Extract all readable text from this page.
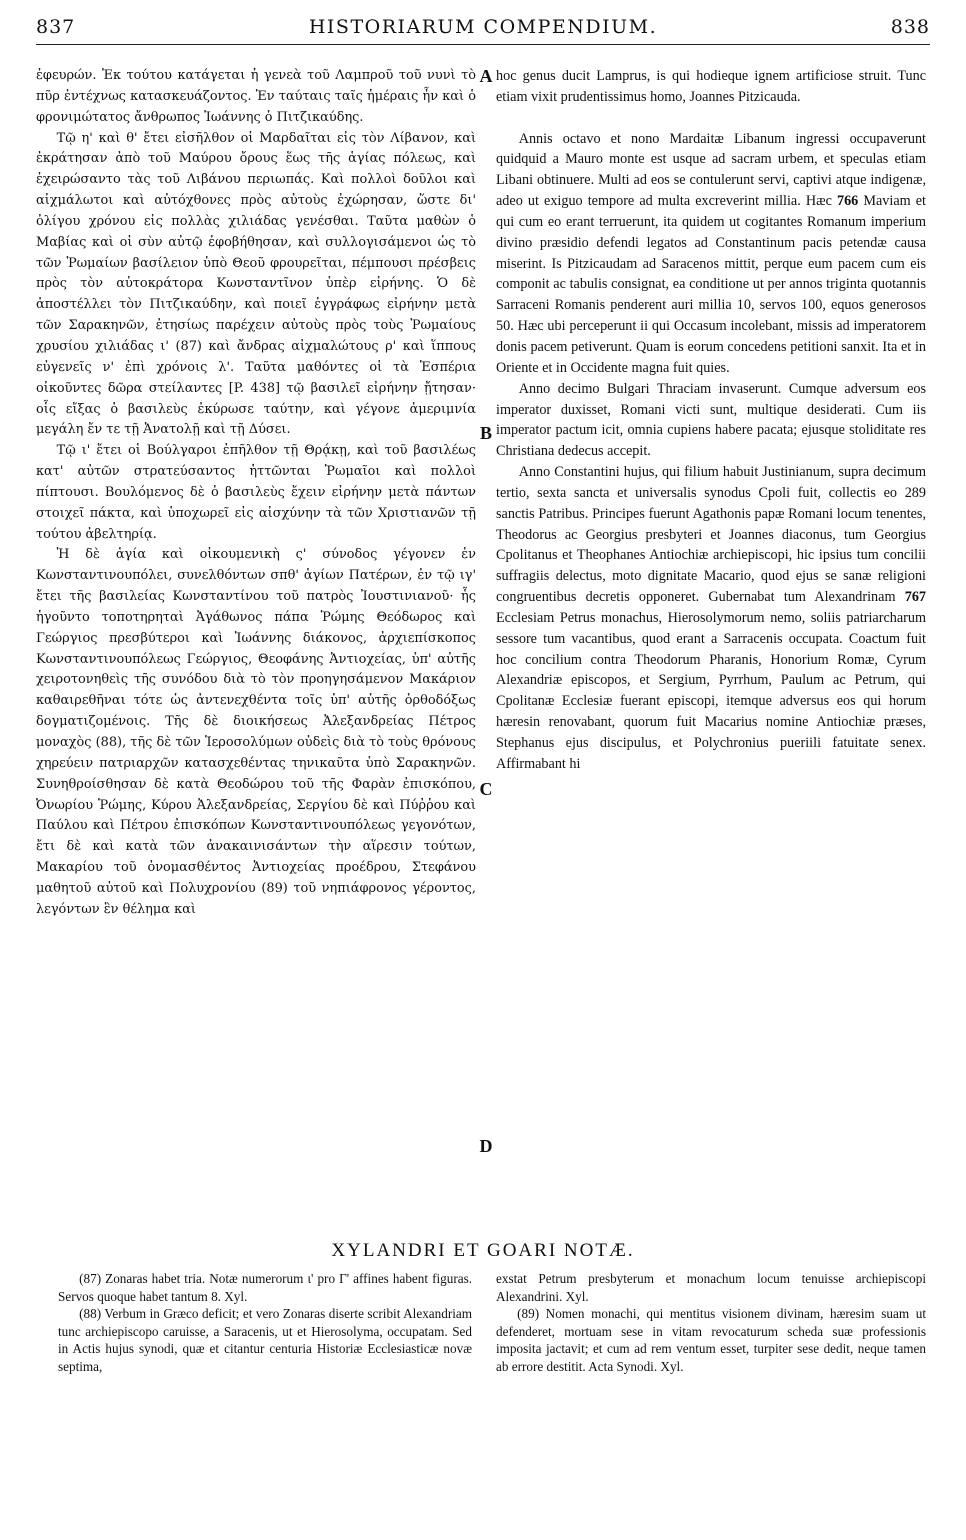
837	HISTORIARUM COMPENDIUM.	838
A
B
C
D

ἐφευρών. Ἐκ τούτου κατάγεται ἡ γενεὰ τοῦ Λαμπροῦ τοῦ νυνὶ τὸ πῦρ ἐντέχνως κατασκευάζοντος. Ἐν ταύταις ταῖς ἡμέραις ἦν καὶ ὁ φρονιμώτατος ἄνθρωπος Ἰωάννης ὁ Πιτζικαύδης.

Τῷ η' καὶ θ' ἔτει εἰσῆλθον οἱ Μαρδαῖται εἰς τὸν Λίβανον, καὶ ἐκράτησαν ἀπὸ τοῦ Μαύρου ὄρους ἕως τῆς ἁγίας πόλεως, καὶ ἐχειρώσαντο τὰς τοῦ Λιβάνου περιωπάς. Καὶ πολλοὶ δοῦλοι καὶ αἰχμάλωτοι καὶ αὐτόχθονες πρὸς αὐτοὺς ἐχώρησαν, ὥστε δι' ὀλίγου χρόνου εἰς πολλὰς χιλιάδας γενέσθαι. Ταῦτα μαθὼν ὁ Μαβίας καὶ οἱ σὺν αὐτῷ ἐφοβήθησαν, καὶ συλλογισάμενοι ὡς τὸ τῶν Ῥωμαίων βασίλειον ὑπὸ Θεοῦ φρουρεῖται, πέμπουσι πρέσβεις πρὸς τὸν αὐτοκράτορα Κωνσταντῖνον ὑπὲρ εἰρήνης. Ὁ δὲ ἀποστέλλει τὸν Πιτζικαύδην, καὶ ποιεῖ ἐγγράφως εἰρήνην μετὰ τῶν Σαρακηνῶν, ἐτησίως παρέχειν αὐτοὺς πρὸς τοὺς Ῥωμαίους χρυσίου χιλιάδας ι' (87) καὶ ἄνδρας αἰχμαλώτους ρ' καὶ ἵππους εὐγενεῖς ν' ἐπὶ χρόνοις λ'. Ταῦτα μαθόντες οἱ τὰ Ἑσπέρια οἰκοῦντες δῶρα στείλαντες [P. 438] τῷ βασιλεῖ εἰρήνην ᾔτησαν· οἷς εἴξας ὁ βασιλεὺς ἐκύρωσε ταύτην, καὶ γέγονε ἀμεριμνία μεγάλη ἔν τε τῇ Ἀνατολῇ καὶ τῇ Δύσει.

Τῷ ι' ἔτει οἱ Βούλγαροι ἐπῆλθον τῇ Θρᾴκῃ, καὶ τοῦ βασιλέως κατ' αὐτῶν στρατεύσαντος ἡττῶνται Ῥωμαῖοι καὶ πολλοὶ πίπτουσι. Βουλόμενος δὲ ὁ βασιλεὺς ἔχειν εἰρήνην μετὰ πάντων στοιχεῖ πάκτα, καὶ ὑποχωρεῖ εἰς αἰσχύνην τὰ τῶν Χριστιανῶν τῇ τούτου ἀβελτηρίᾳ.

Ἡ δὲ ἁγία καὶ οἰκουμενικὴ ς' σύνοδος γέγονεν ἐν Κωνσταντινουπόλει, συνελθόντων σπθ' ἁγίων Πατέρων, ἐν τῷ ιγ' ἔτει τῆς βασιλείας Κωνσταντίνου τοῦ πατρὸς Ἰουστινιανοῦ· ἧς ἡγοῦντο τοποτηρηταὶ Ἀγάθωνος πάπα Ῥώμης Θεόδωρος καὶ Γεώργιος πρεσβύτεροι καὶ Ἰωάννης διάκονος, ἀρχιεπίσκοπος Κωνσταντινουπόλεως Γεώργιος, Θεοφάνης Ἀντιοχείας, ὑπ' αὐτῆς χειροτονηθεὶς τῆς συνόδου διὰ τὸ τὸν προηγησάμενον Μακάριον καθαιρεθῆναι τότε ὡς ἀντενεχθέντα τοῖς ὑπ' αὐτῆς ὀρθοδόξως δογματιζομένοις. Τῆς δὲ διοικήσεως Ἀλεξανδρείας Πέτρος μοναχὸς (88), τῆς δὲ τῶν Ἱεροσολύμων οὐδεὶς διὰ τὸ τοὺς θρόνους χηρεύειν πατριαρχῶν κατασχεθέντας τηνικαῦτα ὑπὸ Σαρακηνῶν. Συνηθροίσθησαν δὲ κατὰ Θεοδώρου τοῦ τῆς Φαρὰν ἐπισκόπου, Ὀνωρίου Ῥώμης, Κύρου Ἀλεξανδρείας, Σεργίου δὲ καὶ Πύῤῥου καὶ Παύλου καὶ Πέτρου ἐπισκόπων Κωνσταντινουπόλεως γεγονότων, ἔτι δὲ καὶ κατὰ τῶν ἀνακαινισάντων τὴν αἵρεσιν τούτων, Μακαρίου τοῦ ὀνομασθέντος Ἀντιοχείας προέδρου, Στεφάνου μαθητοῦ αὐτοῦ καὶ Πολυχρονίου (89) τοῦ νηπιάφρονος γέροντος, λεγόντων ἓν θέλημα καὶ

hoc genus ducit Lamprus, is qui hodieque ignem artificiose struit. Tunc etiam vixit prudentissimus homo, Joannes Pitzicauda.

Annis octavo et nono Mardaitæ Libanum ingressi occupaverunt quidquid a Mauro monte est usque ad sacram urbem, et speculas etiam Libani obtinuere. Multi ad eos se contulerunt servi, captivi atque indigenæ, adeo ut exiguo tempore ad multa excreverint millia. Hæc 766 Maviam et qui cum eo erant terruerunt, ita quidem ut cogitantes Romanum imperium divino præsidio defendi legatos ad Constantinum pacis petendæ causa miserint. Is Pitzicaudam ad Saracenos mittit, perque eum pacem cum eis componit ac tabulis consignat, ea conditione ut per annos triginta quotannis Sarraceni Romanis penderent auri millia 10, servos 100, equos generosos 50. Hæc ubi perceperunt ii qui Occasum incolebant, missis ad imperatorem donis pacem petiverunt. Quam is eorum concedens petitioni sanxit. Ita et in Oriente et in Occidente magna fuit quies.

Anno decimo Bulgari Thraciam invaserunt. Cumque adversum eos imperator duxisset, Romani victi sunt, multique desiderati. Cum iis imperator pactum icit, omnia cupiens habere pacata; ejusque stoliditate res Christiana dedecus accepit.

Anno Constantini hujus, qui filium habuit Justinianum, supra decimum tertio, sexta sancta et universalis synodus Cpoli fuit, collectis eo 289 sanctis Patribus. Principes fuerunt Agathonis papæ Romani locum tenentes, Theodorus ac Georgius presbyteri et Joannes diaconus, tum Georgius Cpolitanus et Theophanes Antiochiæ archiepiscopi, hic ipsius tum concilii suffragiis delectus, moto dignitate Macario, quod ejus se sanæ religioni congruentibus decretis opponeret. Gubernabat tum Alexandrinam 767 Ecclesiam Petrus monachus, Hierosolymorum nemo, soliis patriarcharum sessore tum vacantibus, quod erant a Sarracenis occupata. Coactum fuit hoc concilium contra Theodorum Pharanis, Honorium Romæ, Cyrum Alexandriæ episcopos, et Sergium, Pyrrhum, Paulum ac Petrum, qui Cpolitanæ Ecclesiæ fuerant episcopi, itemque adversus eos qui horum hæresin renovabant, quorum fuit Macarius nomine Antiochiæ præses, Stephanus ejus discipulus, et Polychronius pueriili fatuitate senex. Affirmabant hi

XYLANDRI ET GOARI NOTÆ.

(87) Zonaras habet tria. Notæ numerorum ι' pro Γ' affines habent figuras. Servos quoque habet tantum 8. Xyl.

(88) Verbum in Græco deficit; et vero Zonaras diserte scribit Alexandriam tunc archiepiscopo caruisse, a Saracenis, ut et Hierosolyma, occupatam. Sed in Actis hujus synodi, quæ et citantur centuria Historiæ Ecclesiasticæ novæ septima,

exstat Petrum presbyterum et monachum locum tenuisse archiepiscopi Alexandrini. Xyl.

(89) Nomen monachi, qui mentitus visionem divinam, hæresim suam ut defenderet, mortuam sese in vitam revocaturum scheda suæ professionis imposita jactavit; et cum ad rem ventum esset, turpiter sese dedit, neque tamen ab errore destitit. Acta Synodi. Xyl.
